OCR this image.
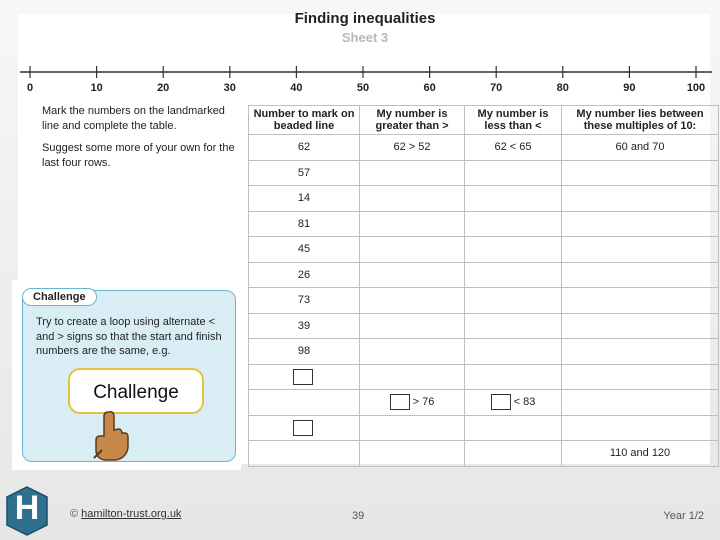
Finding inequalities
Sheet 3
0	10	20	30	40	50	60	70	80	90	100

Mark the numbers on the landmarked line and complete the table.

Suggest some more of your own for the last four rows.

Number to mark on beaded line	My number is greater than >	My number is less than <	My number lies between these multiples of 10:
62	62 > 52	62 < 65	60 and 70
57			
14			
81			
45			
26			
73			
39			
98			

	> 76	< 83	

			110 and 120
Challenge
Try to create a loop using alternate < and > signs so that the start and finish numbers are the same, e.g.
Challenge
H	© hamilton-trust.org.uk	39	Year 1/2
